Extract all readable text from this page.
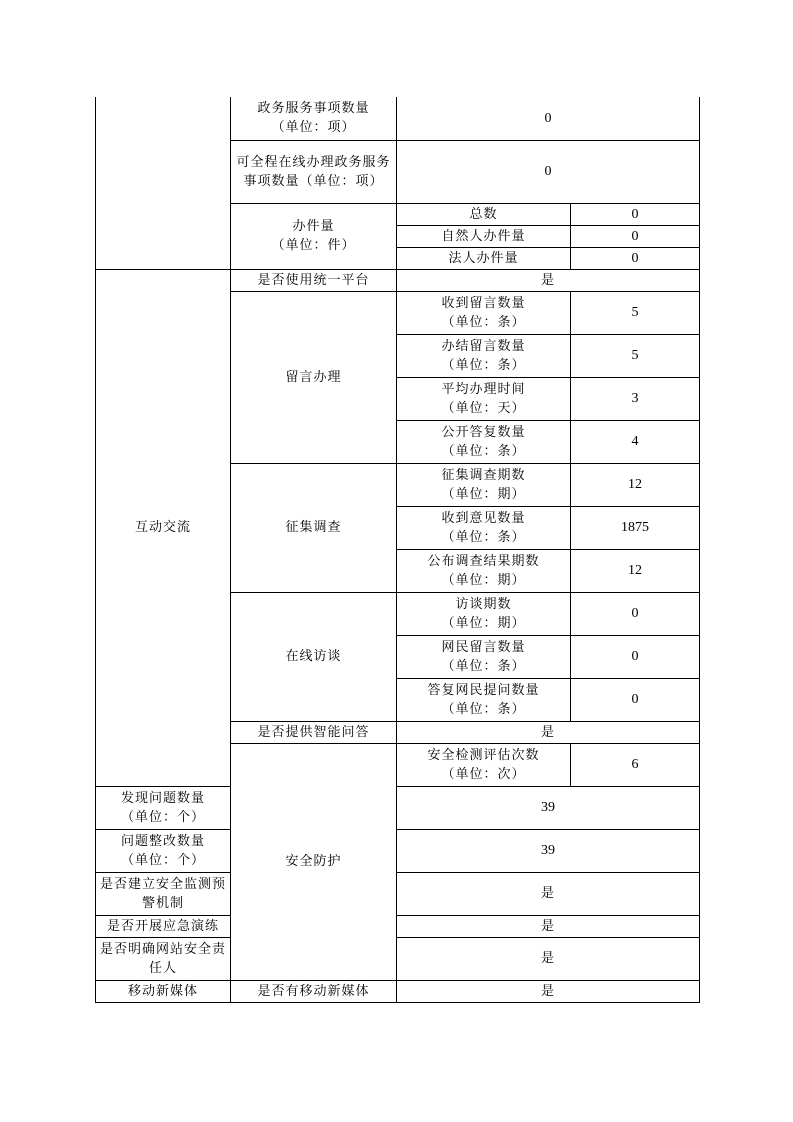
	政务服务事项数量
（单位：项）	0	
	可全程在线办理政务服务事项数量（单位：项）	0	
	办件量
（单位：件）	总数	0
		自然人办件量	0
		法人办件量	0
互动交流	是否使用统一平台	是	
	留言办理	收到留言数量
（单位：条）	5
		办结留言数量
（单位：条）	5
		平均办理时间
（单位：天）	3
		公开答复数量
（单位：条）	4
	征集调查	征集调查期数
（单位：期）	12
		收到意见数量
（单位：条）	1875
		公布调查结果期数
（单位：期）	12
	在线访谈	访谈期数
（单位：期）	0
		网民留言数量
（单位：条）	0
		答复网民提问数量
（单位：条）	0
	是否提供智能问答	是	
	安全防护	安全检测评估次数
（单位：次）	6
发现问题数量
（单位：个）		39	
问题整改数量
（单位：个）		39	
是否建立安全监测预警机制		是	
是否开展应急演练		是	
是否明确网站安全责任人		是	
移动新媒体	是否有移动新媒体	是	
